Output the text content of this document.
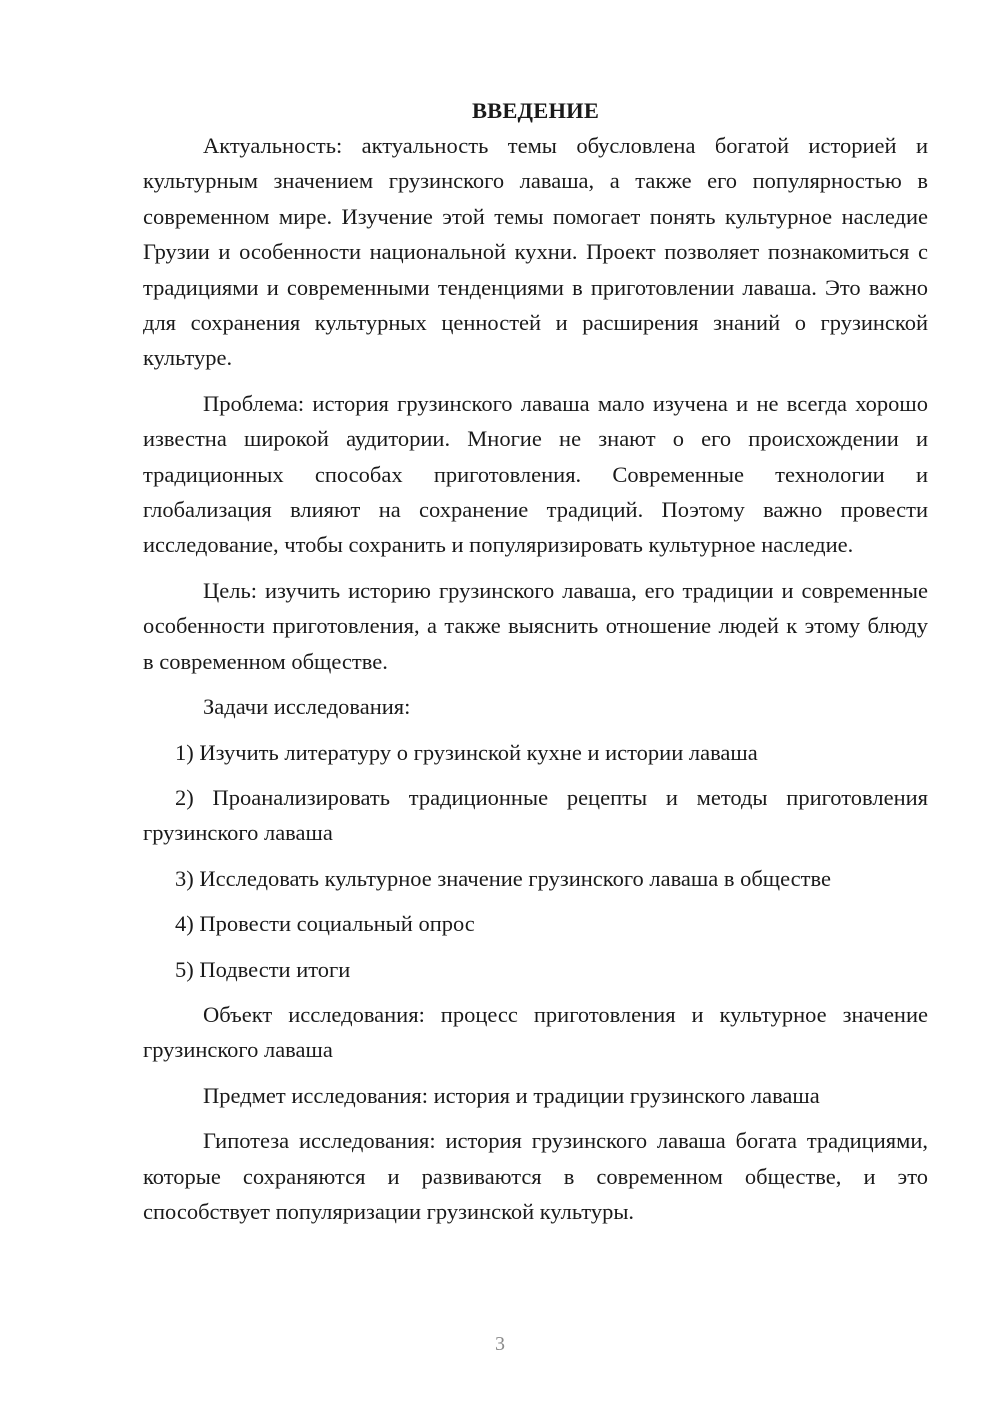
ВВЕДЕНИЕ

Актуальность: актуальность темы обусловлена богатой историей и культурным значением грузинского лаваша, а также его популярностью в современном мире. Изучение этой темы помогает понять культурное наследие Грузии и особенности национальной кухни. Проект позволяет познакомиться с традициями и современными тенденциями в приготовлении лаваша. Это важно для сохранения культурных ценностей и расширения знаний о грузинской культуре.

Проблема: история грузинского лаваша мало изучена и не всегда хорошо известна широкой аудитории. Многие не знают о его происхождении и традиционных способах приготовления. Современные технологии и глобализация влияют на сохранение традиций. Поэтому важно провести исследование, чтобы сохранить и популяризировать культурное наследие.

Цель: изучить историю грузинского лаваша, его традиции и современные особенности приготовления, а также выяснить отношение людей к этому блюду в современном обществе.

Задачи исследования:

1) Изучить литературу о грузинской кухне и истории лаваша

2) Проанализировать традиционные рецепты и методы приготовления грузинского лаваша

3) Исследовать культурное значение грузинского лаваша в обществе

4) Провести социальный опрос

5) Подвести итоги

Объект исследования: процесс приготовления и культурное значение грузинского лаваша

Предмет исследования: история и традиции грузинского лаваша

Гипотеза исследования: история грузинского лаваша богата традициями, которые сохраняются и развиваются в современном обществе, и это способствует популяризации грузинской культуры.

3
